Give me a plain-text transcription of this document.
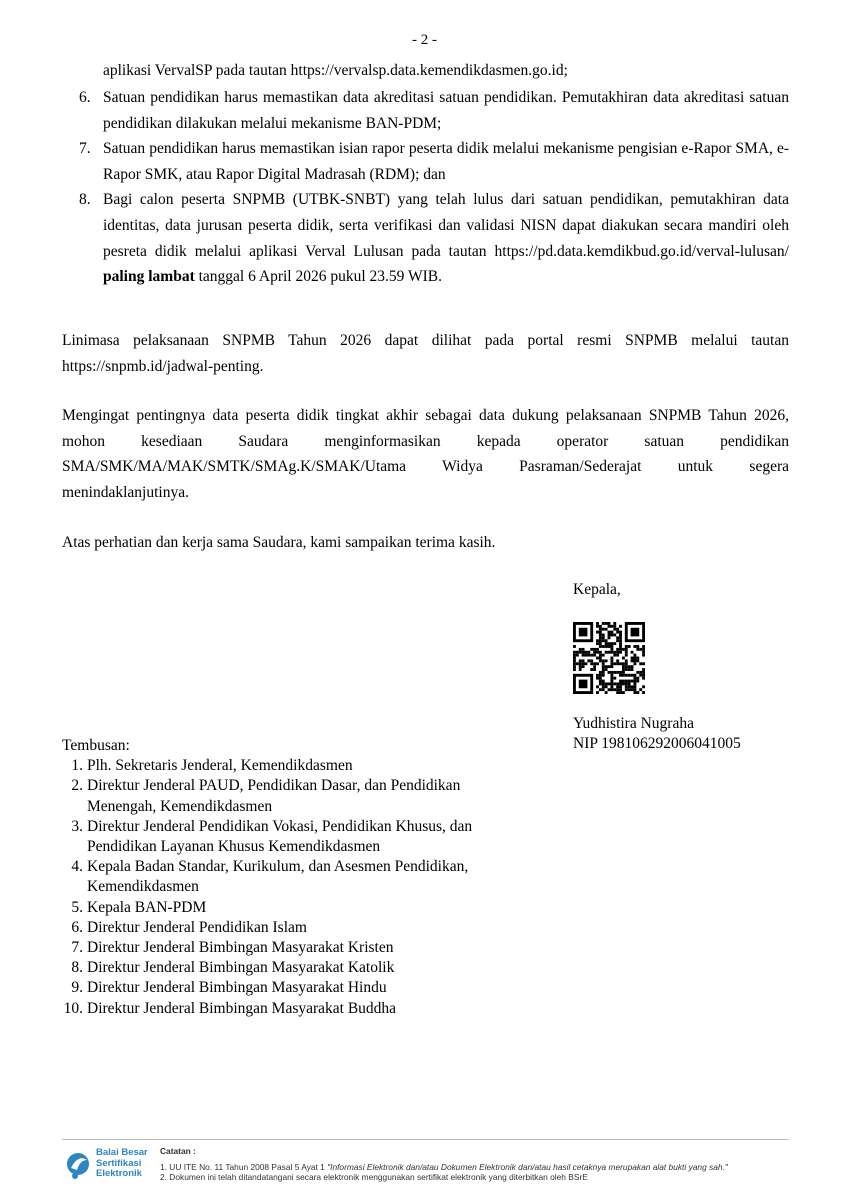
- 2 -
aplikasi VervalSP pada tautan https://vervalsp.data.kemendikdasmen.go.id;
6. Satuan pendidikan harus memastikan data akreditasi satuan pendidikan. Pemutakhiran data akreditasi satuan pendidikan dilakukan melalui mekanisme BAN-PDM;
7. Satuan pendidikan harus memastikan isian rapor peserta didik melalui mekanisme pengisian e-Rapor SMA, e-Rapor SMK, atau Rapor Digital Madrasah (RDM); dan
8. Bagi calon peserta SNPMB (UTBK-SNBT) yang telah lulus dari satuan pendidikan, pemutakhiran data identitas, data jurusan peserta didik, serta verifikasi dan validasi NISN dapat diakukan secara mandiri oleh pesreta didik melalui aplikasi Verval Lulusan pada tautan https://pd.data.kemdikbud.go.id/verval-lulusan/ paling lambat tanggal 6 April 2026 pukul 23.59 WIB.

Linimasa pelaksanaan SNPMB Tahun 2026 dapat dilihat pada portal resmi SNPMB melalui tautan https://snpmb.id/jadwal-penting.

Mengingat pentingnya data peserta didik tingkat akhir sebagai data dukung pelaksanaan SNPMB Tahun 2026, mohon kesediaan Saudara menginformasikan kepada operator satuan pendidikan SMA/SMK/MA/MAK/SMTK/SMAg.K/SMAK/Utama Widya Pasraman/Sederajat untuk segera menindaklanjutinya.

Atas perhatian dan kerja sama Saudara, kami sampaikan terima kasih.

Kepala,
Yudhistira Nugraha
NIP 198106292006041005
Tembusan:
1. Plh. Sekretaris Jenderal, Kemendikdasmen
2. Direktur Jenderal PAUD, Pendidikan Dasar, dan Pendidikan Menengah, Kemendikdasmen
3. Direktur Jenderal Pendidikan Vokasi, Pendidikan Khusus, dan Pendidikan Layanan Khusus Kemendikdasmen
4. Kepala Badan Standar, Kurikulum, dan Asesmen Pendidikan, Kemendikdasmen
5. Kepala BAN-PDM
6. Direktur Jenderal Pendidikan Islam
7. Direktur Jenderal Bimbingan Masyarakat Kristen
8. Direktur Jenderal Bimbingan Masyarakat Katolik
9. Direktur Jenderal Bimbingan Masyarakat Hindu
10. Direktur Jenderal Bimbingan Masyarakat Buddha
Balai Besar
Sertifikasi
Elektronik
Catatan :
1. UU ITE No. 11 Tahun 2008 Pasal 5 Ayat 1 "Informasi Elektronik dan/atau Dokumen Elektronik dan/atau hasil cetaknya merupakan alat bukti yang sah."
2. Dokumen ini telah ditandatangani secara elektronik menggunakan sertifikat elektronik yang diterbitkan oleh BSrE
